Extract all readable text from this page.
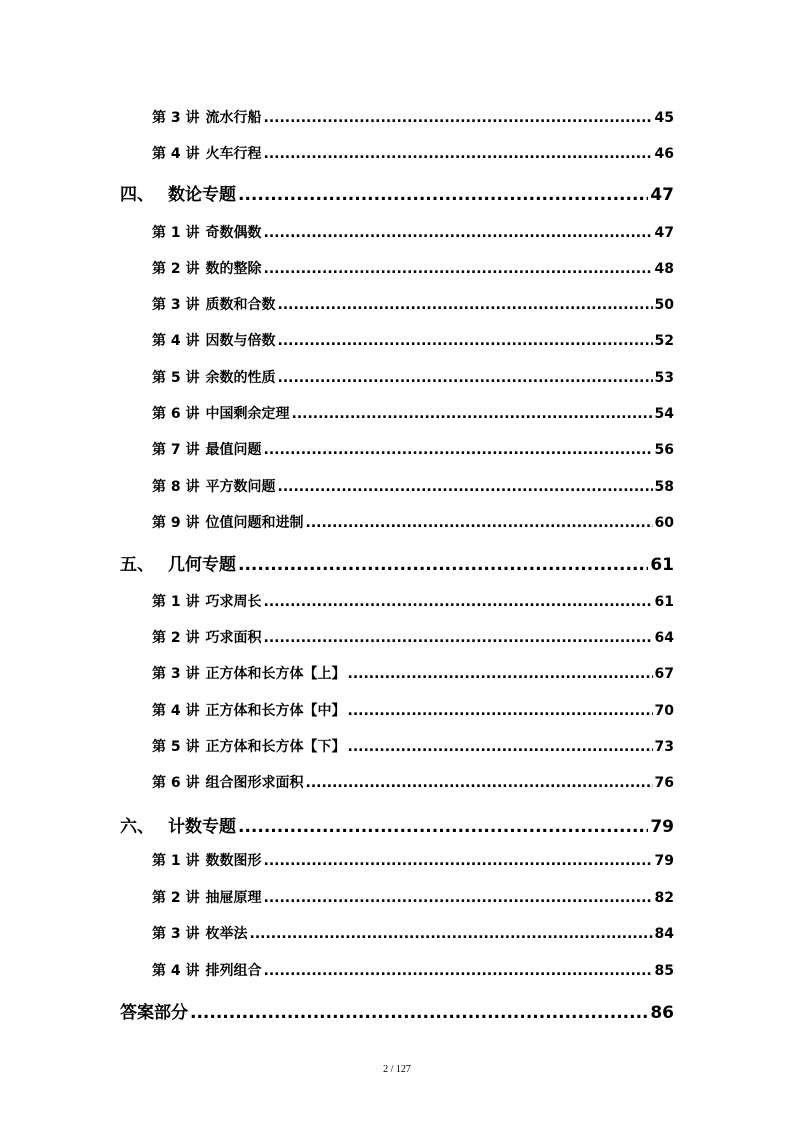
第 3 讲 流水行船 .....	45
第 4 讲 火车行程 .....	46
四、 数论专题 .....	47
第 1 讲 奇数偶数 .....	47
第 2 讲 数的整除 .....	48
第 3 讲 质数和合数 .....	50
第 4 讲 因数与倍数 .....	52
第 5 讲 余数的性质 .....	53
第 6 讲 中国剩余定理 .....	54
第 7 讲 最值问题 .....	56
第 8 讲 平方数问题 .....	58
第 9 讲 位值问题和进制 .....	60
五、 几何专题 .....	61
第 1 讲 巧求周长 .....	61
第 2 讲 巧求面积 .....	64
第 3 讲 正方体和长方体【上】 .....	67
第 4 讲 正方体和长方体【中】 .....	70
第 5 讲 正方体和长方体【下】 .....	73
第 6 讲 组合图形求面积 .....	76
六、 计数专题 .....	79
第 1 讲 数数图形 .....	79
第 2 讲 抽屉原理 .....	82
第 3 讲 枚举法 .....	84
第 4 讲 排列组合 .....	85
答案部分 .....	86
2 / 127
